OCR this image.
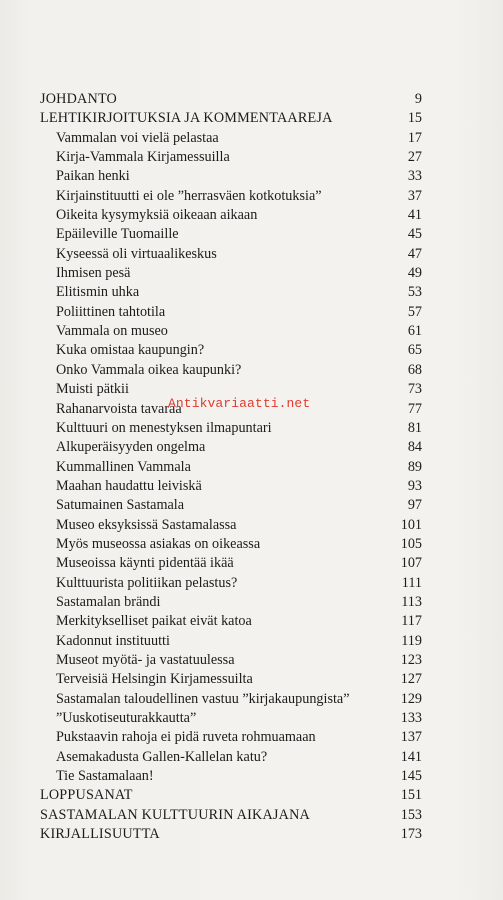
JOHDANTO	9
LEHTIKIRJOITUKSIA JA KOMMENTAAREJA	15
Vammalan voi vielä pelastaa	17
Kirja-Vammala Kirjamessuilla	27
Paikan henki	33
Kirjainstituutti ei ole ”herrasväen kotkotuksia”	37
Oikeita kysymyksiä oikeaan aikaan	41
Epäileville Tuomaille	45
Kyseessä oli virtuaalikeskus	47
Ihmisen pesä	49
Elitismin uhka	53
Poliittinen tahtotila	57
Vammala on museo	61
Kuka omistaa kaupungin?	65
Onko Vammala oikea kaupunki?	68
Muisti pätkii	73
Rahanarvoista tavaraa	77
Kulttuuri on menestyksen ilmapuntari	81
Alkuperäisyyden ongelma	84
Kummallinen Vammala	89
Maahan haudattu leiviskä	93
Satumainen Sastamala	97
Museo eksyksissä Sastamalassa	101
Myös museossa asiakas on oikeassa	105
Museoissa käynti pidentää ikää	107
Kulttuurista politiikan pelastus?	111
Sastamalan brändi	113
Merkitykselliset paikat eivät katoa	117
Kadonnut instituutti	119
Museot myötä- ja vastatuulessa	123
Terveisiä Helsingin Kirjamessuilta	127
Sastamalan taloudellinen vastuu ”kirjakaupungista”	129
”Uuskotiseuturakkautta”	133
Pukstaavin rahoja ei pidä ruveta rohmuamaan	137
Asemakadusta Gallen-Kallelan katu?	141
Tie Sastamalaan!	145
LOPPUSANAT	151
SASTAMALAN KULTTUURIN AIKAJANA	153
KIRJALLISUUTTA	173
Antikvariaatti.net
